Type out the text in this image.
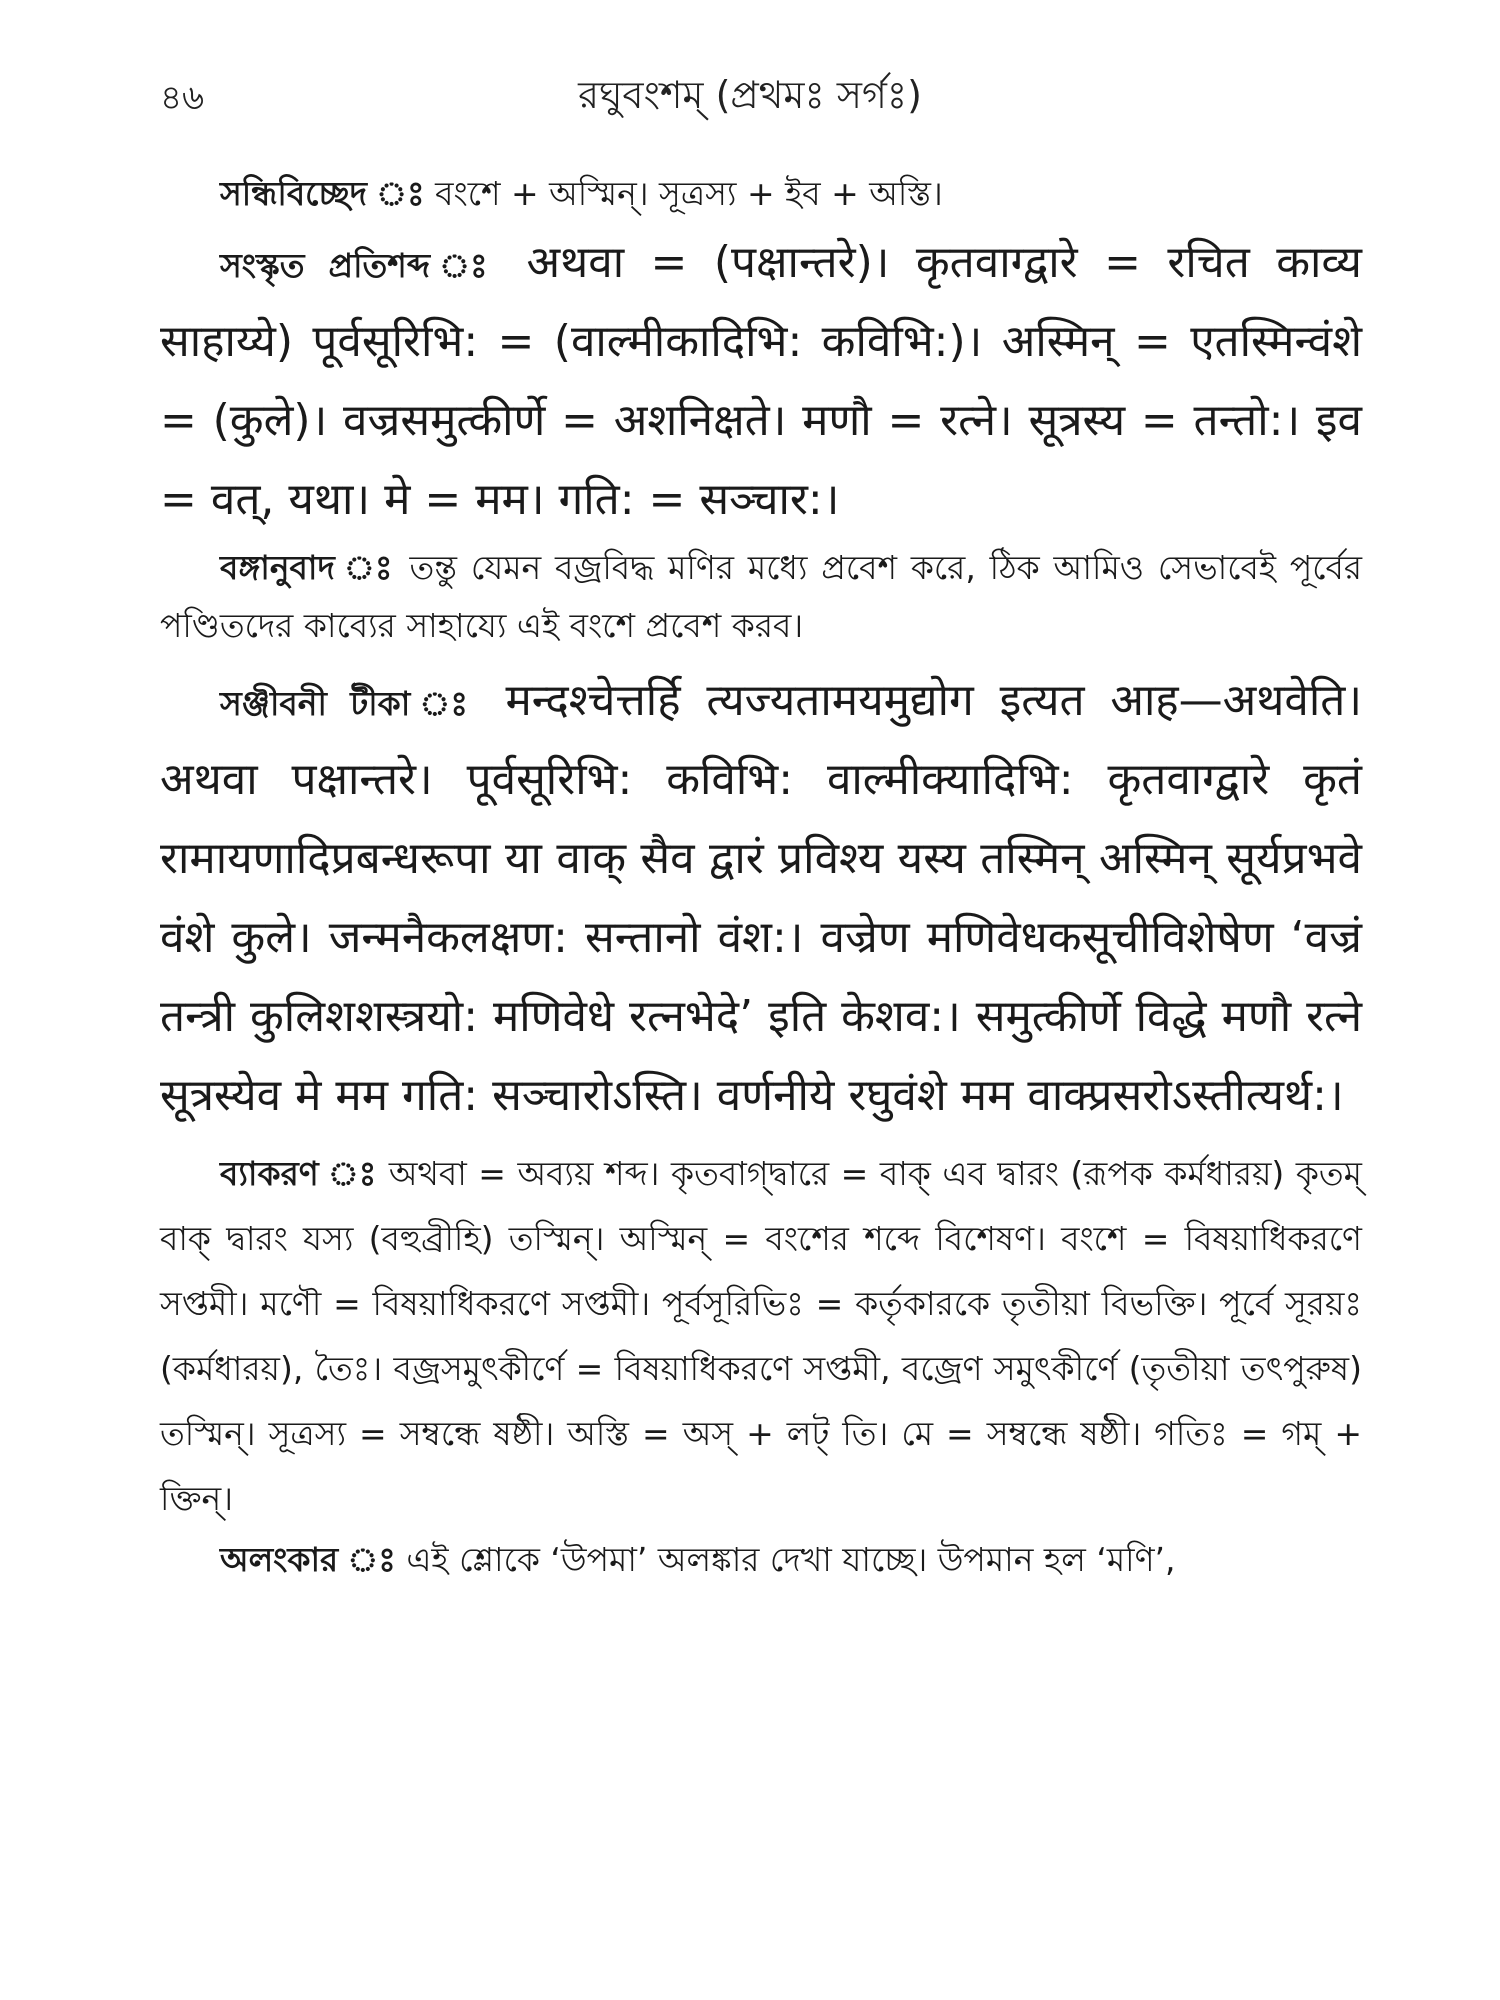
৪৬	রঘুবংশম্ (প্রথমঃ সর্গঃ)

সন্ধিবিচ্ছেদ ঃ বংশে + অস্মিন্। সূত্রস্য + ইব + অস্তি।

সংস্কৃত প্রতিশব্দ ঃ अथवा = (पक्षान्तरे)। कृतवाग्द्वारे = रचित काव्य साहाय्ये) पूर्वसूरिभि: = (वाल्मीकादिभि: कविभि:)। अस्मिन् = एतस्मिन्वंशे = (कुले)। वज्रसमुत्कीर्णे = अशनिक्षते। मणौ = रत्ने। सूत्रस्य = तन्तो:। इव = वत्, यथा। मे = मम। गति: = सञ्चार:।

বঙ্গানুবাদ ঃ তন্তু যেমন বজ্রবিদ্ধ মণির মধ্যে প্রবেশ করে, ঠিক আমিও সেভাবেই পূর্বের পণ্ডিতদের কাব্যের সাহায্যে এই বংশে প্রবেশ করব।

সঞ্জীবনী টীকা ঃ मन्दश्चेत्तर्हि त्यज्यतामयमुद्योग इत्यत आह—अथवेति। अथवा पक्षान्तरे। पूर्वसूरिभि: कविभि: वाल्मीक्यादिभि: कृतवाग्द्वारे कृतं रामायणादिप्रबन्धरूपा या वाक् सैव द्वारं प्रविश्य यस्य तस्मिन् अस्मिन् सूर्यप्रभवे वंशे कुले। जन्मनैकलक्षण: सन्तानो वंश:। वज्रेण मणिवेधकसूचीविशेषेण ‘वज्रं तन्त्री कुलिशशस्त्रयो: मणिवेधे रत्नभेदे’ इति केशव:। समुत्कीर्णे विद्धे मणौ रत्ने सूत्रस्येव मे मम गति: सञ्चारोऽस्ति। वर्णनीये रघुवंशे मम वाक्प्रसरोऽस्तीत्यर्थ:।

ব্যাকরণ ঃ অথবা = অব্যয় শব্দ। কৃতবাগ্দ্বারে = বাক্ এব দ্বারং (রূপক কর্মধারয়) কৃতম্ বাক্ দ্বারং যস্য (বহুব্রীহি) তস্মিন্। অস্মিন্ = বংশের শব্দে বিশেষণ। বংশে = বিষয়াধিকরণে সপ্তমী। মণৌ = বিষয়াধিকরণে সপ্তমী। পূর্বসূরিভিঃ = কর্তৃকারকে তৃতীয়া বিভক্তি। পূর্বে সূরয়ঃ (কর্মধারয়), তৈঃ। বজ্রসমুৎকীর্ণে = বিষয়াধিকরণে সপ্তমী, বজ্রেণ সমুৎকীর্ণে (তৃতীয়া তৎপুরুষ) তস্মিন্। সূত্রস্য = সম্বন্ধে ষষ্ঠী। অস্তি = অস্ + লট্ তি। মে = সম্বন্ধে ষষ্ঠী। গতিঃ = গম্ + ক্তিন্।

অলংকার ঃ এই শ্লোকে ‘উপমা’ অলঙ্কার দেখা যাচ্ছে। উপমান হল ‘মণি’,
